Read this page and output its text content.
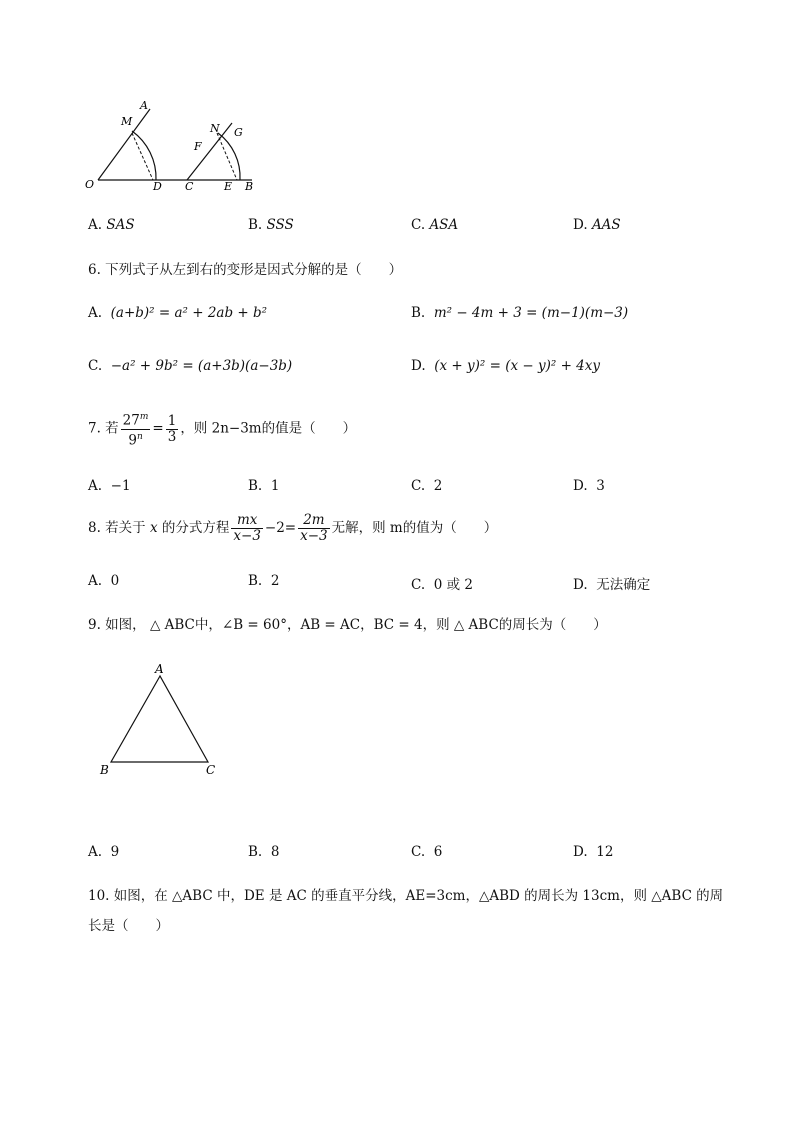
A
M
O	D C
N G
F
E B
A. SAS	B. SSS	C. ASA	D. AAS
6. 下列式子从左到右的变形是因式分解的是（　　）
A. (a+b)² = a² + 2ab + b²	B. m² − 4m + 3 = (m−1)(m−3)
C. −a² + 9b² = (a+3b)(a−3b)	D. (x + y)² = (x − y)² + 4xy
7. 若 $\frac{27^m}{9^n} = \frac{1}{3}$ ，则 2n−3m的值是（　　）
A. −1	B. 1	C. 2	D. 3
8. 若关于 x 的分式方程 $\frac{mx}{x-3} -2= \frac{2m}{x-3}$ 无解，则 m的值为（　　）
A. 0	B. 2	C. 0 或 2	D. 无法确定
9. 如图， △ ABC中，∠B = 60°，AB = AC，BC = 4，则 △ ABC的周长为（　　）
A
B	C
A. 9	B. 8	C. 6	D. 12
10. 如图，在 △ABC 中，DE 是 AC 的垂直平分线，AE=3cm，△ABD 的周长为 13cm，则 △ABC 的周
长是（　　）
